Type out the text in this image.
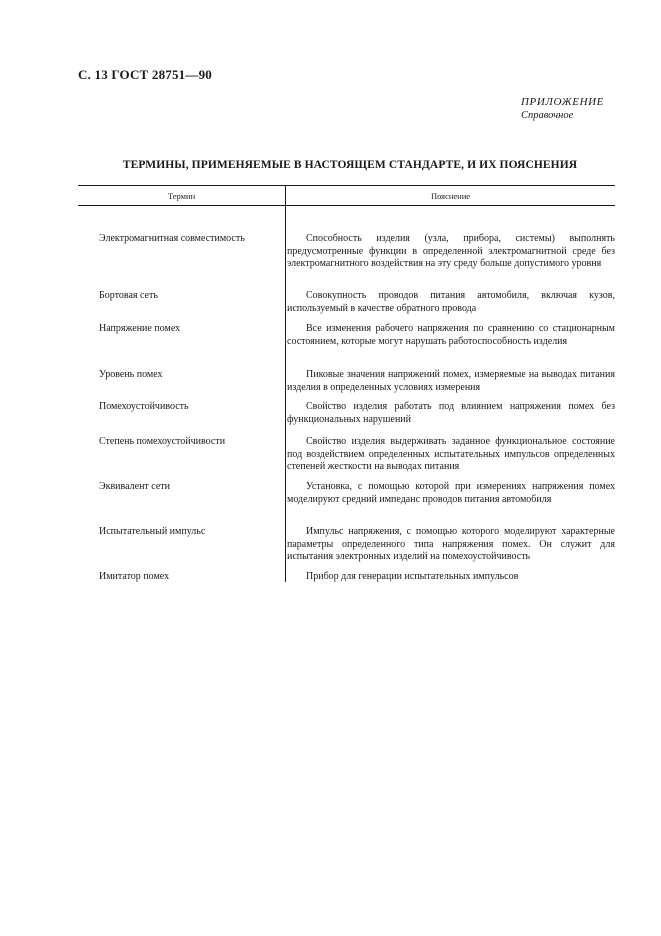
С. 13 ГОСТ 28751—90
ПРИЛОЖЕНИЕ
Справочное
ТЕРМИНЫ, ПРИМЕНЯЕМЫЕ В НАСТОЯЩЕМ СТАНДАРТЕ, И ИХ ПОЯСНЕНИЯ
Термин	Пояснение
Электромагнитная совместимость	Способность изделия (узла, прибора, системы) выполнять предусмотренные функции в определенной электромагнитной среде без электромагнитного воздействия на эту среду больше допустимого уровня
Бортовая сеть	Совокупность проводов питания автомобиля, включая кузов, используемый в качестве обратного провода
Напряжение помех	Все изменения рабочего напряжения по сравнению со стационарным состоянием, которые могут нарушать работоспособность изделия
Уровень помех	Пиковые значения напряжений помех, измеряемые на выводах питания изделия в определенных условиях измерения
Помехоустойчивость	Свойство изделия работать под влиянием напряжения помех без функциональных нарушений
Степень помехоустойчивости	Свойство изделия выдерживать заданное функциональное состояние под воздействием определенных испытательных импульсов определенных степеней жесткости на выводах питания
Эквивалент сети	Установка, с помощью которой при измерениях напряжения помех моделируют средний импеданс проводов питания автомобиля
Испытательный импульс	Импульс напряжения, с помощью которого моделируют характерные параметры определенного типа напряжения помех. Он служит для испытания электронных изделий на помехоустойчивость
Имитатор помех	Прибор для генерации испытательных импульсов
